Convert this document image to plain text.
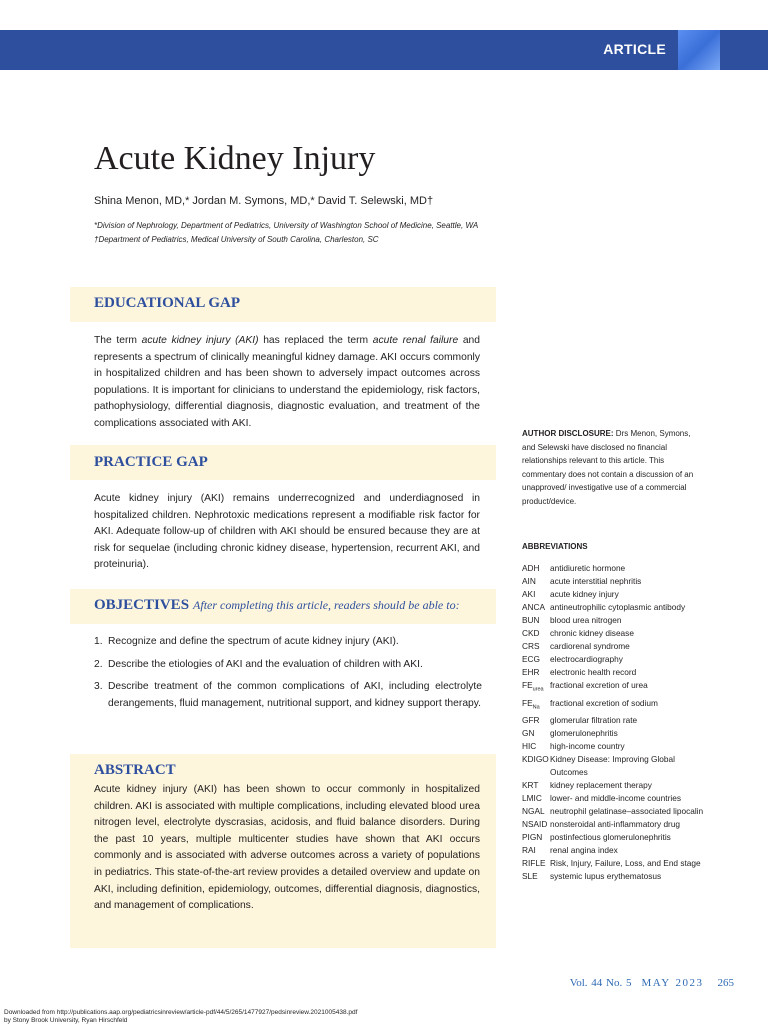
ARTICLE
Acute Kidney Injury
Shina Menon, MD,* Jordan M. Symons, MD,* David T. Selewski, MD†
*Division of Nephrology, Department of Pediatrics, University of Washington School of Medicine, Seattle, WA
†Department of Pediatrics, Medical University of South Carolina, Charleston, SC
EDUCATIONAL GAP
The term acute kidney injury (AKI) has replaced the term acute renal failure and represents a spectrum of clinically meaningful kidney damage. AKI occurs commonly in hospitalized children and has been shown to adversely impact outcomes across populations. It is important for clinicians to understand the epidemiology, risk factors, pathophysiology, differential diagnosis, diagnostic evaluation, and treatment of the complications associated with AKI.
PRACTICE GAP
Acute kidney injury (AKI) remains underrecognized and underdiagnosed in hospitalized children. Nephrotoxic medications represent a modifiable risk factor for AKI. Adequate follow-up of children with AKI should be ensured because they are at risk for sequelae (including chronic kidney disease, hypertension, recurrent AKI, and proteinuria).
OBJECTIVES After completing this article, readers should be able to:
1. Recognize and define the spectrum of acute kidney injury (AKI).
2. Describe the etiologies of AKI and the evaluation of children with AKI.
3. Describe treatment of the common complications of AKI, including electrolyte derangements, fluid management, nutritional support, and kidney support therapy.
ABSTRACT
Acute kidney injury (AKI) has been shown to occur commonly in hospitalized children. AKI is associated with multiple complications, including elevated blood urea nitrogen level, electrolyte dyscrasias, acidosis, and fluid balance disorders. During the past 10 years, multiple multicenter studies have shown that AKI occurs commonly and is associated with adverse outcomes across a variety of populations in pediatrics. This state-of-the-art review provides a detailed overview and update on AKI, including definition, epidemiology, outcomes, differential diagnosis, diagnostics, and management of complications.
AUTHOR DISCLOSURE: Drs Menon, Symons, and Selewski have disclosed no financial relationships relevant to this article. This commentary does not contain a discussion of an unapproved/ investigative use of a commercial product/device.
ABBREVIATIONS
ADH	antidiuretic hormone
AIN	acute interstitial nephritis
AKI	acute kidney injury
ANCA antineutrophilic cytoplasmic antibody
BUN	blood urea nitrogen
CKD	chronic kidney disease
CRS	cardiorenal syndrome
ECG	electrocardiography
EHR	electronic health record
$FE_{urea}$ fractional excretion of urea
$FE_{Na}$	fractional excretion of sodium
GFR	glomerular filtration rate
GN	glomerulonephritis
HIC	high-income country
KDIGO Kidney Disease: Improving Global Outcomes
KRT	kidney replacement therapy
LMIC lower- and middle-income countries
NGAL neutrophil gelatinase–associated lipocalin
NSAID nonsteroidal anti-inflammatory drug
PIGN postinfectious glomerulonephritis
RAI	renal angina index
RIFLE Risk, Injury, Failure, Loss, and End stage
SLE	systemic lupus erythematosus
Vol. 44 No. 5 MAY 2023 265
Downloaded from http://publications.aap.org/pediatricsinreview/article-pdf/44/5/265/1477927/pedsinreview.2021005438.pdf
by Stony Brook University, Ryan Hirschfeld
